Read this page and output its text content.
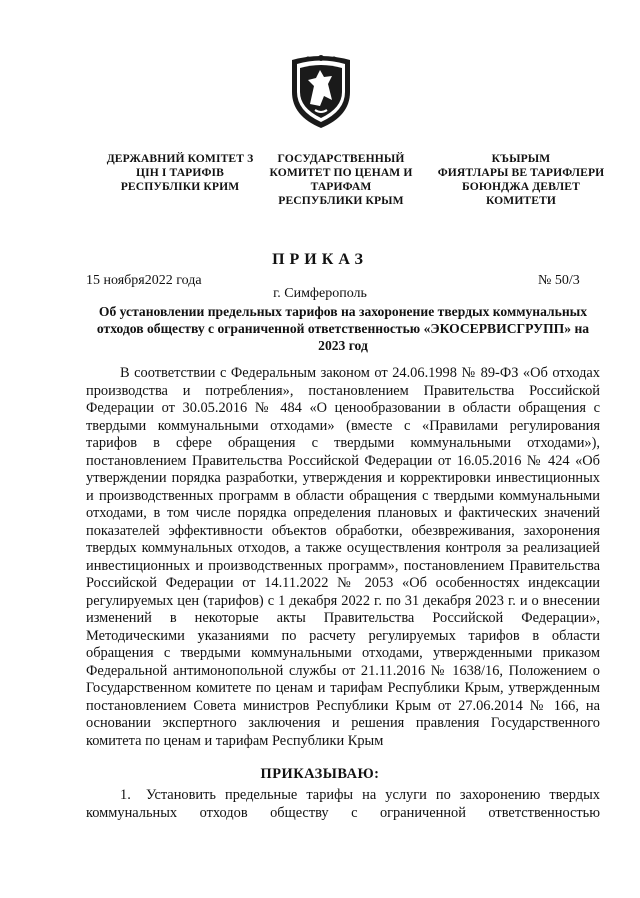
ДЕРЖАВНИЙ КОМІТЕТ З
ЦІН І ТАРИФІВ
РЕСПУБЛІКИ КРИМ
ГОСУДАРСТВЕННЫЙ
КОМИТЕТ ПО ЦЕНАМ И
ТАРИФАМ
РЕСПУБЛИКИ КРЫМ
КЪЫРЫМ
ФИЯТЛАРЫ ВЕ ТАРИФЛЕРИ
БОЮНДЖА ДЕВЛЕТ
КОМИТЕТИ
ПРИКАЗ
15 ноября2022 года	№ 50/3
г. Симферополь
Об установлении предельных тарифов на захоронение твердых коммунальных отходов обществу с ограниченной ответственностью «ЭКОСЕРВИСГРУПП» на 2023 год

В соответствии с Федеральным законом от 24.06.1998 № 89-ФЗ «Об отходах производства и потребления», постановлением Правительства Российской Федерации от 30.05.2016 № 484 «О ценообразовании в области обращения с твердыми коммунальными отходами» (вместе с «Правилами регулирования тарифов в сфере обращения с твердыми коммунальными отходами»), постановлением Правительства Российской Федерации от 16.05.2016 № 424 «Об утверждении порядка разработки, утверждения и корректировки инвестиционных и производственных программ в области обращения с твердыми коммунальными отходами, в том числе порядка определения плановых и фактических значений показателей эффективности объектов обработки, обезвреживания, захоронения твердых коммунальных отходов, а также осуществления контроля за реализацией инвестиционных и производственных программ», постановлением Правительства Российской Федерации от 14.11.2022 № 2053 «Об особенностях индексации регулируемых цен (тарифов) с 1 декабря 2022 г. по 31 декабря 2023 г. и о внесении изменений в некоторые акты Правительства Российской Федерации», Методическими указаниями по расчету регулируемых тарифов в области обращения с твердыми коммунальными отходами, утвержденными приказом Федеральной антимонопольной службы от 21.11.2016 № 1638/16, Положением о Государственном комитете по ценам и тарифам Республики Крым, утвержденным постановлением Совета министров Республики Крым от 27.06.2014 № 166, на основании экспертного заключения и решения правления Государственного комитета по ценам и тарифам Республики Крым

ПРИКАЗЫВАЮ:

1. Установить предельные тарифы на услуги по захоронению твердых коммунальных отходов обществу с ограниченной ответственностью
